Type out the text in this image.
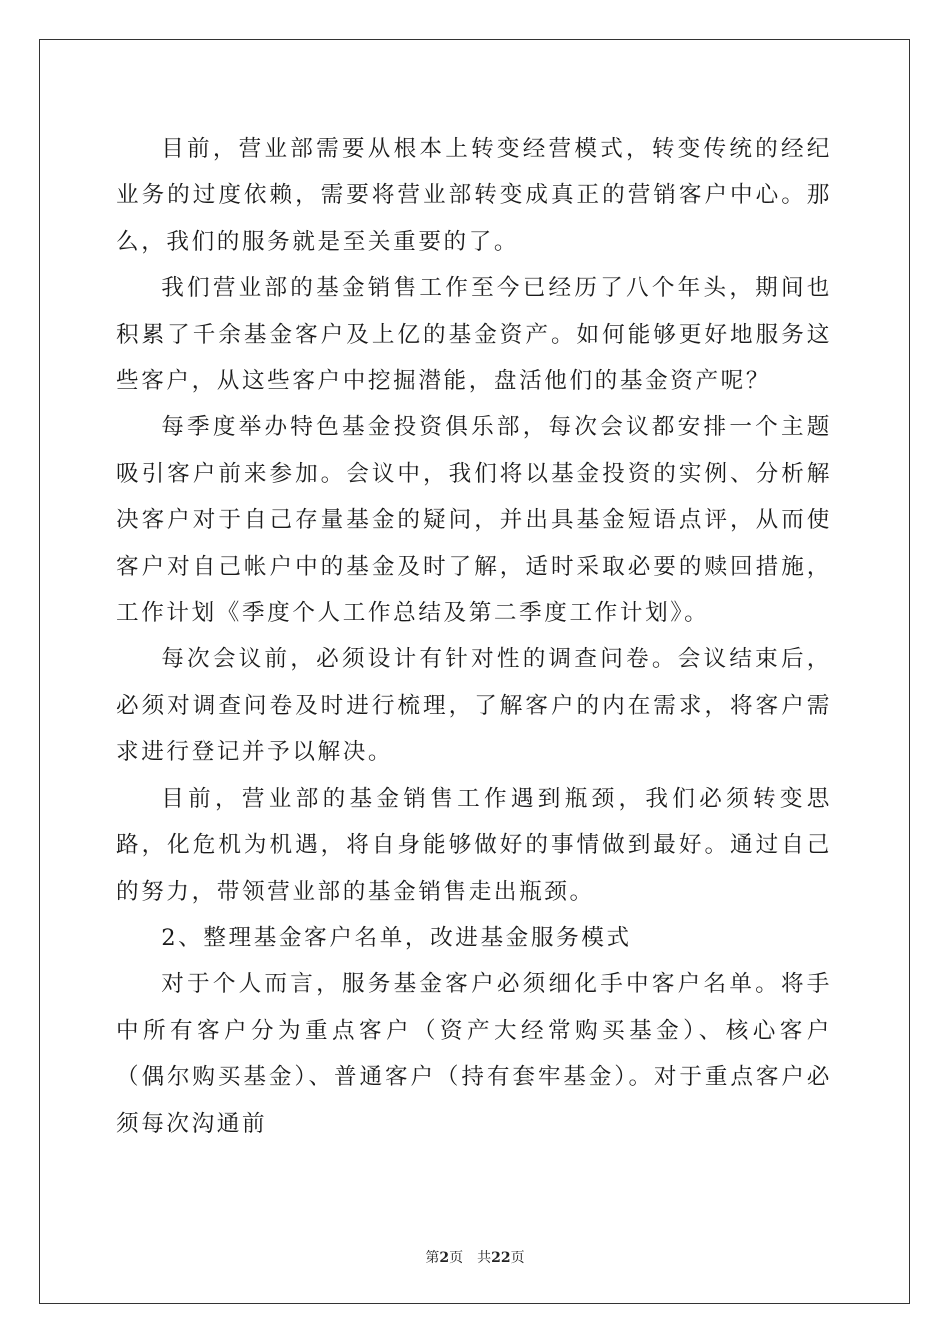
目前，营业部需要从根本上转变经营模式，转变传统的经纪业务的过度依赖，需要将营业部转变成真正的营销客户中心。那么，我们的服务就是至关重要的了。

我们营业部的基金销售工作至今已经历了八个年头，期间也积累了千余基金客户及上亿的基金资产。如何能够更好地服务这些客户，从这些客户中挖掘潜能，盘活他们的基金资产呢？

每季度举办特色基金投资俱乐部，每次会议都安排一个主题吸引客户前来参加。会议中，我们将以基金投资的实例、分析解决客户对于自己存量基金的疑问，并出具基金短语点评，从而使客户对自己帐户中的基金及时了解，适时采取必要的赎回措施，工作计划《季度个人工作总结及第二季度工作计划》。

每次会议前，必须设计有针对性的调查问卷。会议结束后，必须对调查问卷及时进行梳理，了解客户的内在需求，将客户需求进行登记并予以解决。

目前，营业部的基金销售工作遇到瓶颈，我们必须转变思路，化危机为机遇，将自身能够做好的事情做到最好。通过自己的努力，带领营业部的基金销售走出瓶颈。

2、整理基金客户名单，改进基金服务模式

对于个人而言，服务基金客户必须细化手中客户名单。将手中所有客户分为重点客户（资产大经常购买基金）、核心客户（偶尔购买基金）、普通客户（持有套牢基金）。对于重点客户必须每次沟通前

第2页 共22页
